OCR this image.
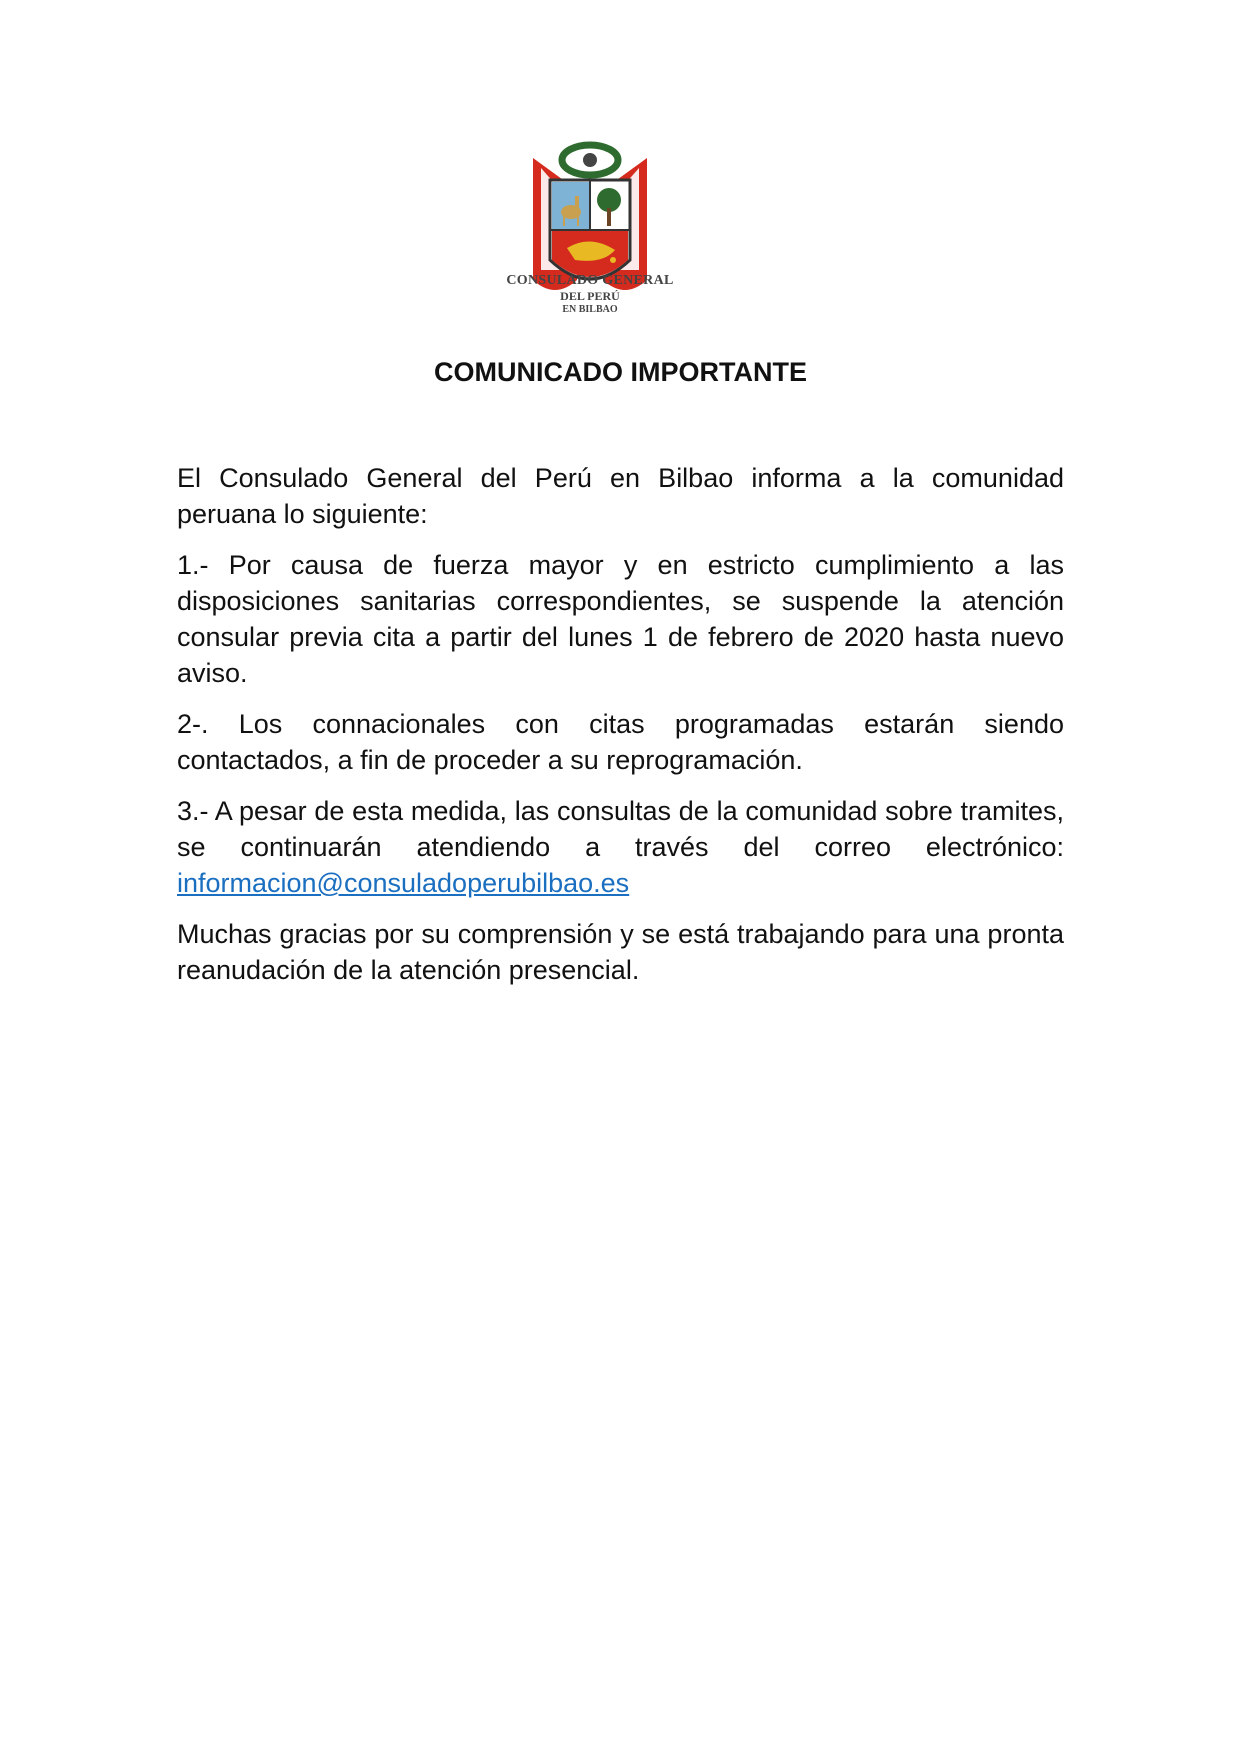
CONSULADO GENERAL
DEL PERÚ
EN BILBAO
COMUNICADO IMPORTANTE

El Consulado General del Perú en Bilbao informa a la comunidad peruana lo siguiente:

1.- Por causa de fuerza mayor y en estricto cumplimiento a las disposiciones sanitarias correspondientes, se suspende la atención consular previa cita a partir del lunes 1 de febrero de 2020 hasta nuevo aviso.

2-. Los connacionales con citas programadas estarán siendo contactados, a fin de proceder a su reprogramación.

3.- A pesar de esta medida, las consultas de la comunidad sobre tramites, se continuarán atendiendo a través del correo electrónico: informacion@consuladoperubilbao.es

Muchas gracias por su comprensión y se está trabajando para una pronta reanudación de la atención presencial.
